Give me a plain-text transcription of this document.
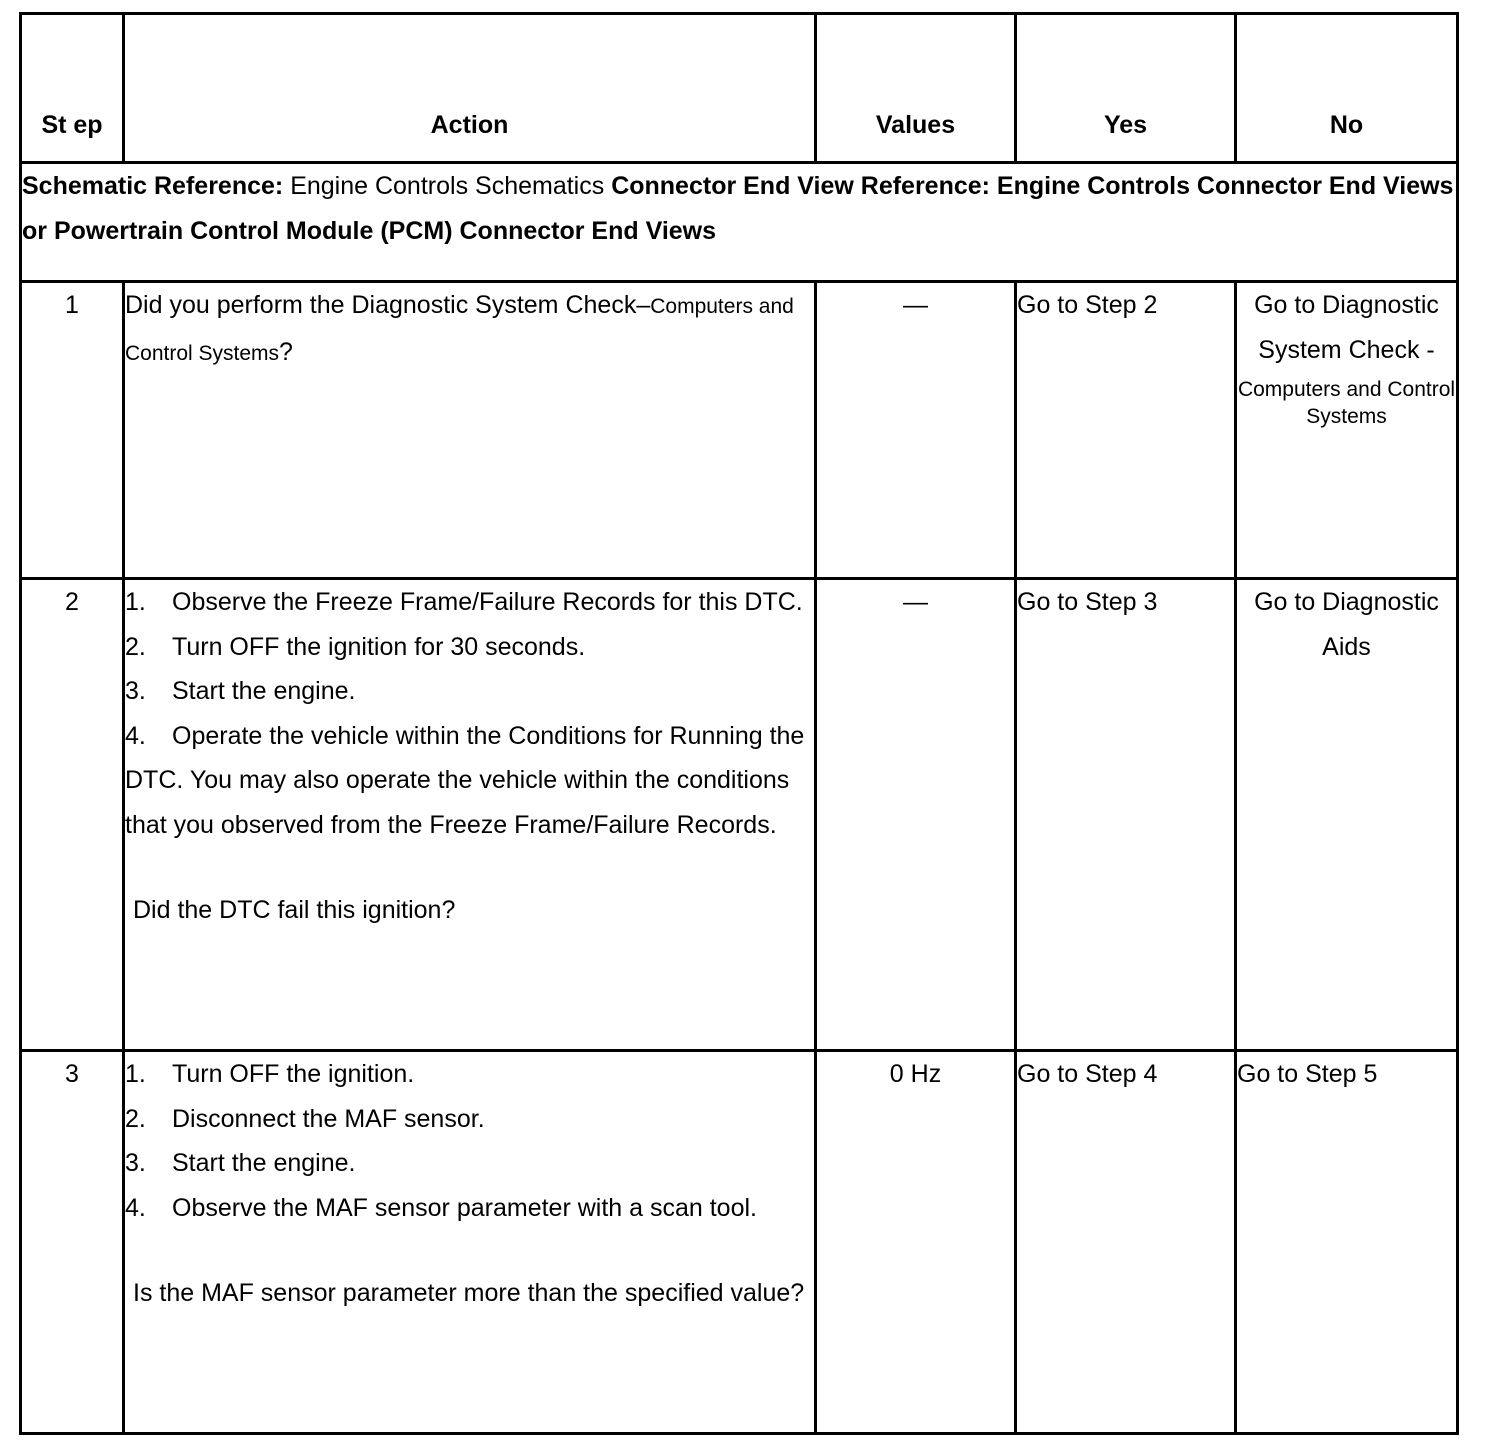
St ep	Action	Values	Yes	No
Schematic Reference: Engine Controls Schematics Connector End View Reference: Engine Controls Connector End Views or Powertrain Control Module (PCM) Connector End Views				
1	Did you perform the Diagnostic System Check–Computers and Control Systems?	—	Go to Step 2	Go to Diagnostic System Check -
Computers and Control Systems

2	1. Observe the Freeze Frame/Failure Records for this DTC.
2. Turn OFF the ignition for 30 seconds.
3. Start the engine.
4. Operate the vehicle within the Conditions for Running the DTC. You may also operate the vehicle within the conditions that you observed from the Freeze Frame/Failure Records.
Did the DTC fail this ignition?	—	Go to Step 3	Go to Diagnostic Aids
3	1. Turn OFF the ignition.
2. Disconnect the MAF sensor.
3. Start the engine.
4. Observe the MAF sensor parameter with a scan tool.
Is the MAF sensor parameter more than the specified value?	0 Hz	Go to Step 4	Go to Step 5
